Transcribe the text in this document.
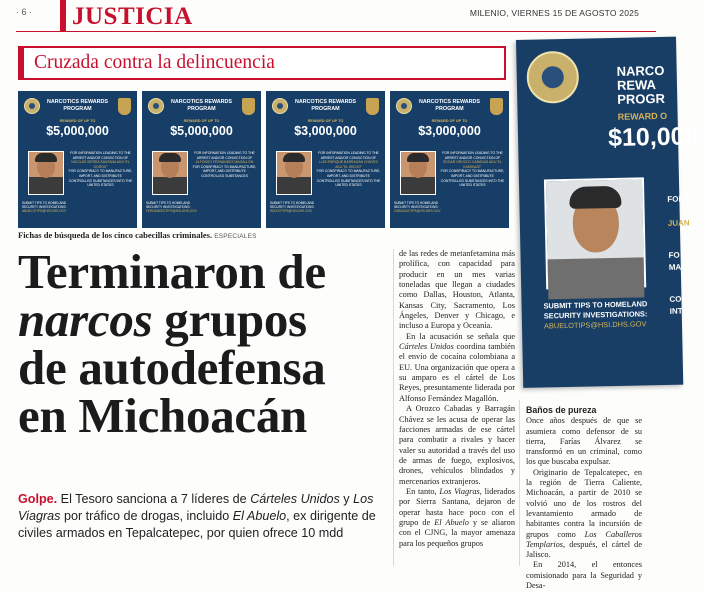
· 6 · JUSTICIA	MILENIO, VIERNES 15 DE AGOSTO 2025
Cruzada contra la delincuencia
NARCOTICS REWARDS PROGRAM
REWARD OF UP TO
$5,000,000
FOR INFORMATION LEADING TO THE ARREST AND/OR CONVICTION OF
NICOLÁS SIERRA SANTANA AKA "EL GORDO"
FOR CONSPIRACY TO MANUFACTURE, IMPORT, AND DISTRIBUTE CONTROLLED SUBSTANCES INTO THE UNITED STATES
SUBMIT TIPS TO HOMELAND SECURITY INVESTIGATIONS:
ABUELOTIPS@HSI.DHS.GOV
NARCOTICS REWARDS PROGRAM
REWARD OF UP TO
$5,000,000
FOR INFORMATION LEADING TO THE ARREST AND/OR CONVICTION OF
ALFONSO FERNÁNDEZ MAGALLÓN
FOR CONSPIRACY TO MANUFACTURE, IMPORT, AND DISTRIBUTE CONTROLLED SUBSTANCES
SUBMIT TIPS TO HOMELAND SECURITY INVESTIGATIONS:
FERNANDEZTIPS@HSI.DHS.GOV
NARCOTICS REWARDS PROGRAM
REWARD OF UP TO
$3,000,000
FOR INFORMATION LEADING TO THE ARREST AND/OR CONVICTION OF
LUIS ENRIQUE BARRAGÁN CHÁVEZ AKA "EL WICHO"
FOR CONSPIRACY TO MANUFACTURE, IMPORT, AND DISTRIBUTE CONTROLLED SUBSTANCES INTO THE UNITED STATES
SUBMIT TIPS TO HOMELAND SECURITY INVESTIGATIONS:
WICHOTIPS@HSI.DHS.GOV
NARCOTICS REWARDS PROGRAM
REWARD OF UP TO
$3,000,000
FOR INFORMATION LEADING TO THE ARREST AND/OR CONVICTION OF
EDGAR OROZCO CABADAS AKA "EL KAMIKAZE"
FOR CONSPIRACY TO MANUFACTURE, IMPORT, AND DISTRIBUTE CONTROLLED SUBSTANCES INTO THE UNITED STATES
SUBMIT TIPS TO HOMELAND SECURITY INVESTIGATIONS:
CABADASTIPS@HSI.DHS.GOV
Fichas de búsqueda de los cinco cabecillas criminales. ESPECIALES
Terminaron de
narcos grupos
de autodefensa
en Michoacán

Golpe. El Tesoro sanciona a 7 líderes de Cárteles Unidos y Los Viagras por tráfico de drogas, incluido El Abuelo, ex dirigente de civiles armados en Tepalcatepec, por quien ofrece 10 mdd

de las redes de metanfetamina más prolífica, con capacidad para producir en un mes varias toneladas que llegan a ciudades como Dallas, Houston, Atlanta, Kansas City, Sacramento, Los Ángeles, Denver y Chicago, e incluso a Europa y Oceanía.

En la acusación se señala que Cárteles Unidos coordina también el envío de cocaína colombiana a EU. Una organización que opera a su amparo es el cártel de Los Reyes, presuntamente liderada por Alfonso Fernández Magallón.

A Orozco Cabadas y Barragán Chávez se les acusa de operar las facciones armadas de ese cártel para combatir a rivales y hacer valer su autoridad a través del uso de armas de fuego, explosivos, drones, vehículos blindados y mercenarios extranjeros.

En tanto, Los Viagras, liderados por Sierra Santana, dejaron de operar hasta hace poco con el grupo de El Abuelo y se aliaron con el CJNG, la mayor amenaza para los pequeños grupos

NARCO
REWA
PROGR
REWARD O
$10,000
FOR I
JUAN
FO
MANUF
CONT
INTO
SUBMIT TIPS TO HOMELAND
SECURITY INVESTIGATIONS:
ABUELOTIPS@HSI.DHS.GOV
Baños de pureza

Once años después de que se asumiera como defensor de su tierra, Farías Álvarez se transformó en un criminal, como los que buscaba expulsar.

Originario de Tepalcatepec, en la región de Tierra Caliente, Michoacán, a partir de 2010 se volvió uno de los rostros del levantamiento armado de habitantes contra la incursión de grupos como Los Caballeros Templarios, después, el cártel de Jalisco.

En 2014, el entonces comisionado para la Seguridad y Desa-
